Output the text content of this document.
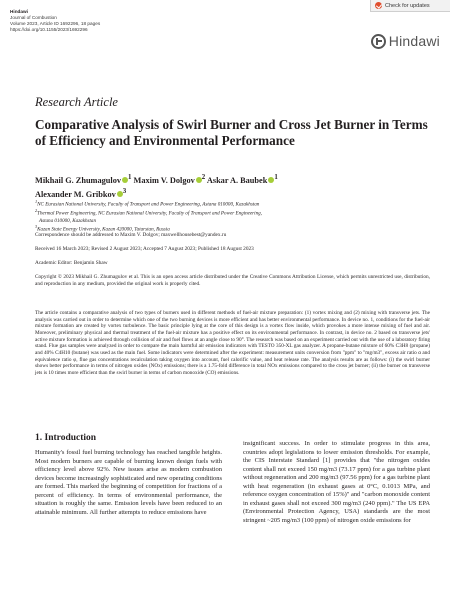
Check for updates
Hindawi
Journal of Combustion
Volume 2023, Article ID 1692296, 18 pages
https://doi.org/10.1155/2023/1692296
Hindawi
Research Article
Comparative Analysis of Swirl Burner and Cross Jet Burner in Terms of Efficiency and Environmental Performance
Mikhail G. Zhumagulov $^1$ Maxim V. Dolgov $^2$ Askar A. Baubek $^1$
Alexander M. Gribkov $^3$
$^1$NC Eurasian National University, Faculty of Transport and Power Engineering, Astana 010000, Kazakhstan
$^2$Thermal Power Engineering, NC Eurasian National University, Faculty of Transport and Power Engineering,
Astana 010000, Kazakhstan
$^3$Kazan State Energy University, Kazan 420000, Tatarstan, Russia
Correspondence should be addressed to Maxim V. Dolgov; maxwellhousebest@yandex.ru
Received 16 March 2023; Revised 2 August 2023; Accepted 7 August 2023; Published 18 August 2023
Academic Editor: Benjamin Shaw
Copyright © 2023 Mikhail G. Zhumagulov et al. This is an open access article distributed under the Creative Commons Attribution License, which permits unrestricted use, distribution, and reproduction in any medium, provided the original work is properly cited.
The article contains a comparative analysis of two types of burners used in different methods of fuel-air mixture preparation: (1) vortex mixing and (2) mixing with transverse jets. The analysis was carried out in order to determine which one of the two burning devices is more efficient and has better environmental performance. In device no. 1, conditions for the fuel-air mixture formation are created by vortex turbulence. The basic principle lying at the core of this design is a vortex flow inside, which provokes a more intense mixing of fuel and air. Moreover, preliminary physical and thermal treatment of the fuel-air mixture has a positive effect on its environmental performance. In contrast, in device no. 2 based on transverse jets' active mixture formation is achieved through collision of air and fuel flows at an angle close to 90°. The research was based on an experiment carried out with the use of a laboratory firing stand. Flue gas samples were analyzed in order to compare the main harmful air emission indicators with TESTO 350-XL gas analyzer. A propane-butane mixture of 60% C3H8 (propane) and 40% C4H10 (butane) was used as the main fuel. Some indicators were determined after the experiment: measurement units conversion from "ppm" to "mg/m3", excess air ratio α and equivalence ratio φ, flue gas concentrations recalculation taking oxygen into account, fuel calorific value, and heat release rate. The analysis results are as follows: (i) the swirl burner shows better performance in terms of nitrogen oxides (NOx) emissions; there is a 1.75-fold difference in total NOx emissions compared to the cross jet burner; (ii) the burner on transverse jets is 10 times more efficient than the swirl burner in terms of carbon monoxide (CO) emissions.
1. Introduction
Humanity's fossil fuel burning technology has reached tangible heights. Most modern burners are capable of burning known design fuels with efficiency level above 92%. New issues arise as modern combustion devices become increasingly sophisticated and new operating conditions are formed. This marked the beginning of competition for fractions of a percent of efficiency. In terms of environmental performance, the situation is roughly the same. Emission levels have been reduced to an attainable minimum. All further attempts to reduce emissions have
insignificant success. In order to stimulate progress in this area, countries adopt legislations to lower emission thresholds. For example, the CIS Interstate Standard [1] provides that "the nitrogen oxides content shall not exceed 150 mg/m3 (73.17 ppm) for a gas turbine plant without regeneration and 200 mg/m3 (97.56 ppm) for a gas turbine plant with heat regeneration (in exhaust gases at 0°C, 0.1013 MPa, and reference oxygen concentration of 15%)" and "carbon monoxide content in exhaust gases shall not exceed 300 mg/m3 (240 ppm)." The US EPA (Environmental Protection Agency, USA) standards are the most stringent ~205 mg/m3 (100 ppm) of nitrogen oxide emissions for
